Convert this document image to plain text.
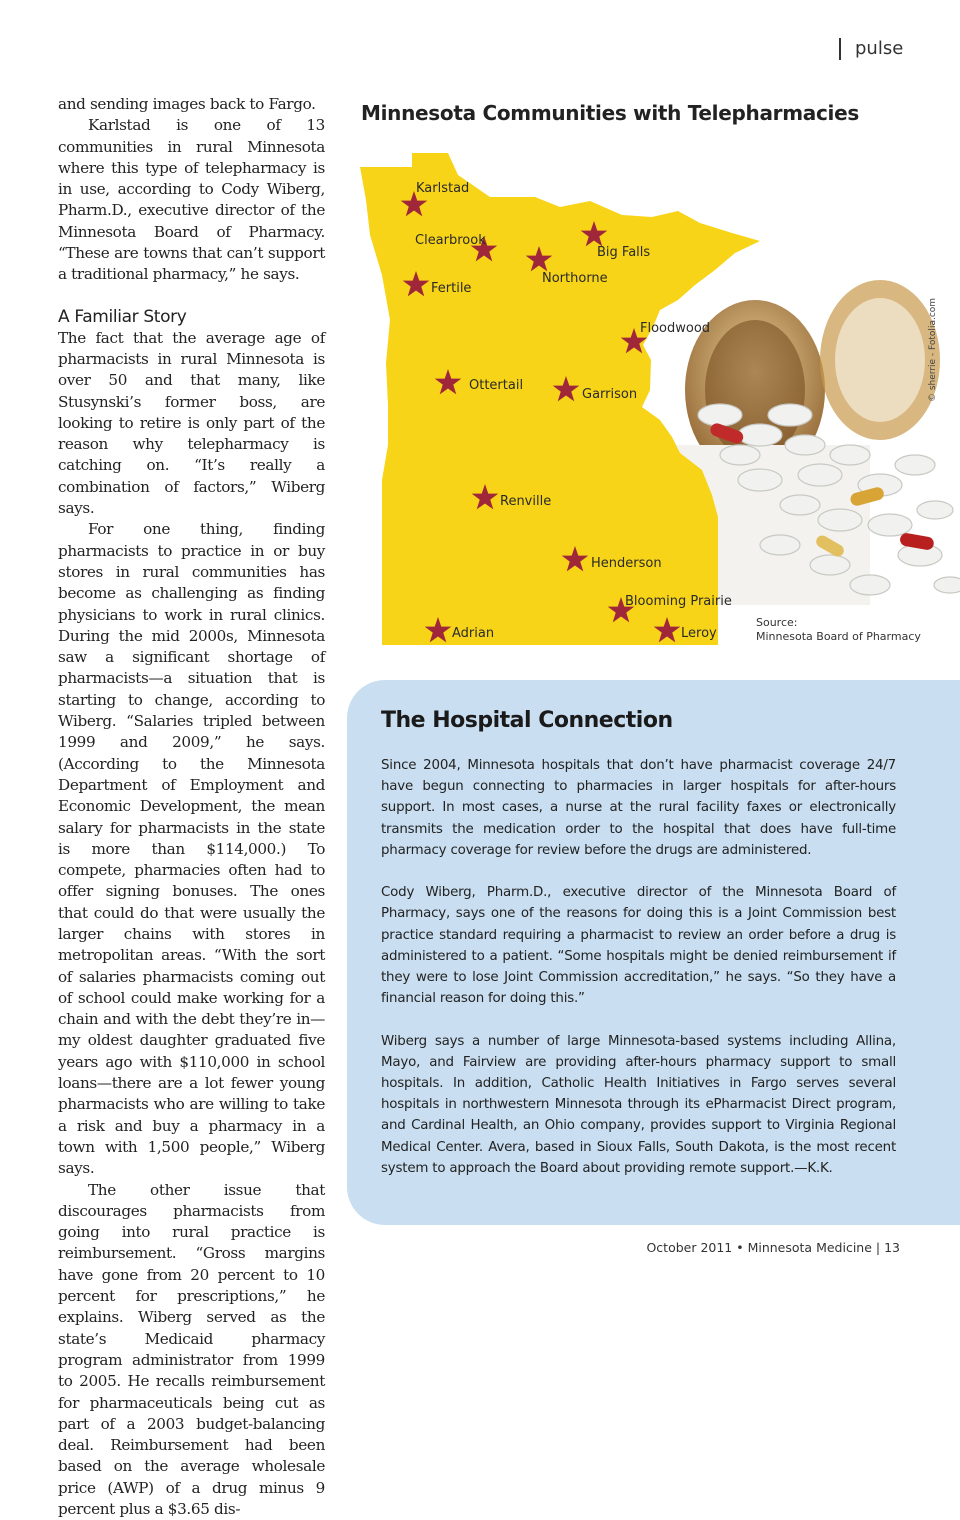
pulse

and sending images back to Fargo.

Karlstad is one of 13 communities in rural Minnesota where this type of telepharmacy is in use, according to Cody Wiberg, Pharm.D., executive director of the Minnesota Board of Pharmacy. “These are towns that can’t support a traditional pharmacy,” he says.

A Familiar Story

The fact that the average age of pharmacists in rural Minnesota is over 50 and that many, like Stusynski’s former boss, are looking to retire is only part of the reason why telepharmacy is catching on. “It’s really a combination of factors,” Wiberg says.

For one thing, finding pharmacists to practice in or buy stores in rural communities has become as challenging as finding physicians to work in rural clinics. During the mid 2000s, Minnesota saw a significant shortage of pharmacists—a situation that is starting to change, according to Wiberg. “Salaries tripled between 1999 and 2009,” he says. (According to the Minnesota Department of Employment and Economic Development, the mean salary for pharmacists in the state is more than $114,000.) To compete, pharmacies often had to offer signing bonuses. The ones that could do that were usually the larger chains with stores in metropolitan areas. “With the sort of salaries pharmacists coming out of school could make working for a chain and with the debt they’re in—my oldest daughter graduated five years ago with $110,000 in school loans—there are a lot fewer young pharmacists who are willing to take a risk and buy a pharmacy in a town with 1,500 people,” Wiberg says.

The other issue that discourages pharmacists from going into rural practice is reimbursement. “Gross margins have gone from 20 percent to 10 percent for prescriptions,” he explains. Wiberg served as the state’s Medicaid pharmacy program administrator from 1999 to 2005. He recalls reimbursement for pharmaceuticals being cut as part of a 2003 budget-balancing deal. Reimbursement had been based on the average wholesale price (AWP) of a drug minus 9 percent plus a $3.65 dis-

Minnesota Communities with Telepharmacies
Karlstad
Clearbrook
Big Falls
Northorne
Fertile
Floodwood
Ottertail
Garrison
Renville
Henderson
Blooming Prairie
Adrian	Leroy
© sherrie - Fotolia.com
Source:
Minnesota Board of Pharmacy
The Hospital Connection

Since 2004, Minnesota hospitals that don’t have pharmacist coverage 24/7 have begun connecting to pharmacies in larger hospitals for after-hours support. In most cases, a nurse at the rural facility faxes or electronically transmits the medication order to the hospital that does have full-time pharmacy coverage for review before the drugs are administered.

Cody Wiberg, Pharm.D., executive director of the Minnesota Board of Pharmacy, says one of the reasons for doing this is a Joint Commission best practice standard requiring a pharmacist to review an order before a drug is administered to a patient. “Some hospitals might be denied reimbursement if they were to lose Joint Commission accreditation,” he says. “So they have a financial reason for doing this.”

Wiberg says a number of large Minnesota-based systems including Allina, Mayo, and Fairview are providing after-hours pharmacy support to small hospitals. In addition, Catholic Health Initiatives in Fargo serves several hospitals in northwestern Minnesota through its ePharmacist Direct program, and Cardinal Health, an Ohio company, provides support to Virginia Regional Medical Center. Avera, based in Sioux Falls, South Dakota, is the most recent system to approach the Board about providing remote support.—K.K.

October 2011 • Minnesota Medicine | 13
